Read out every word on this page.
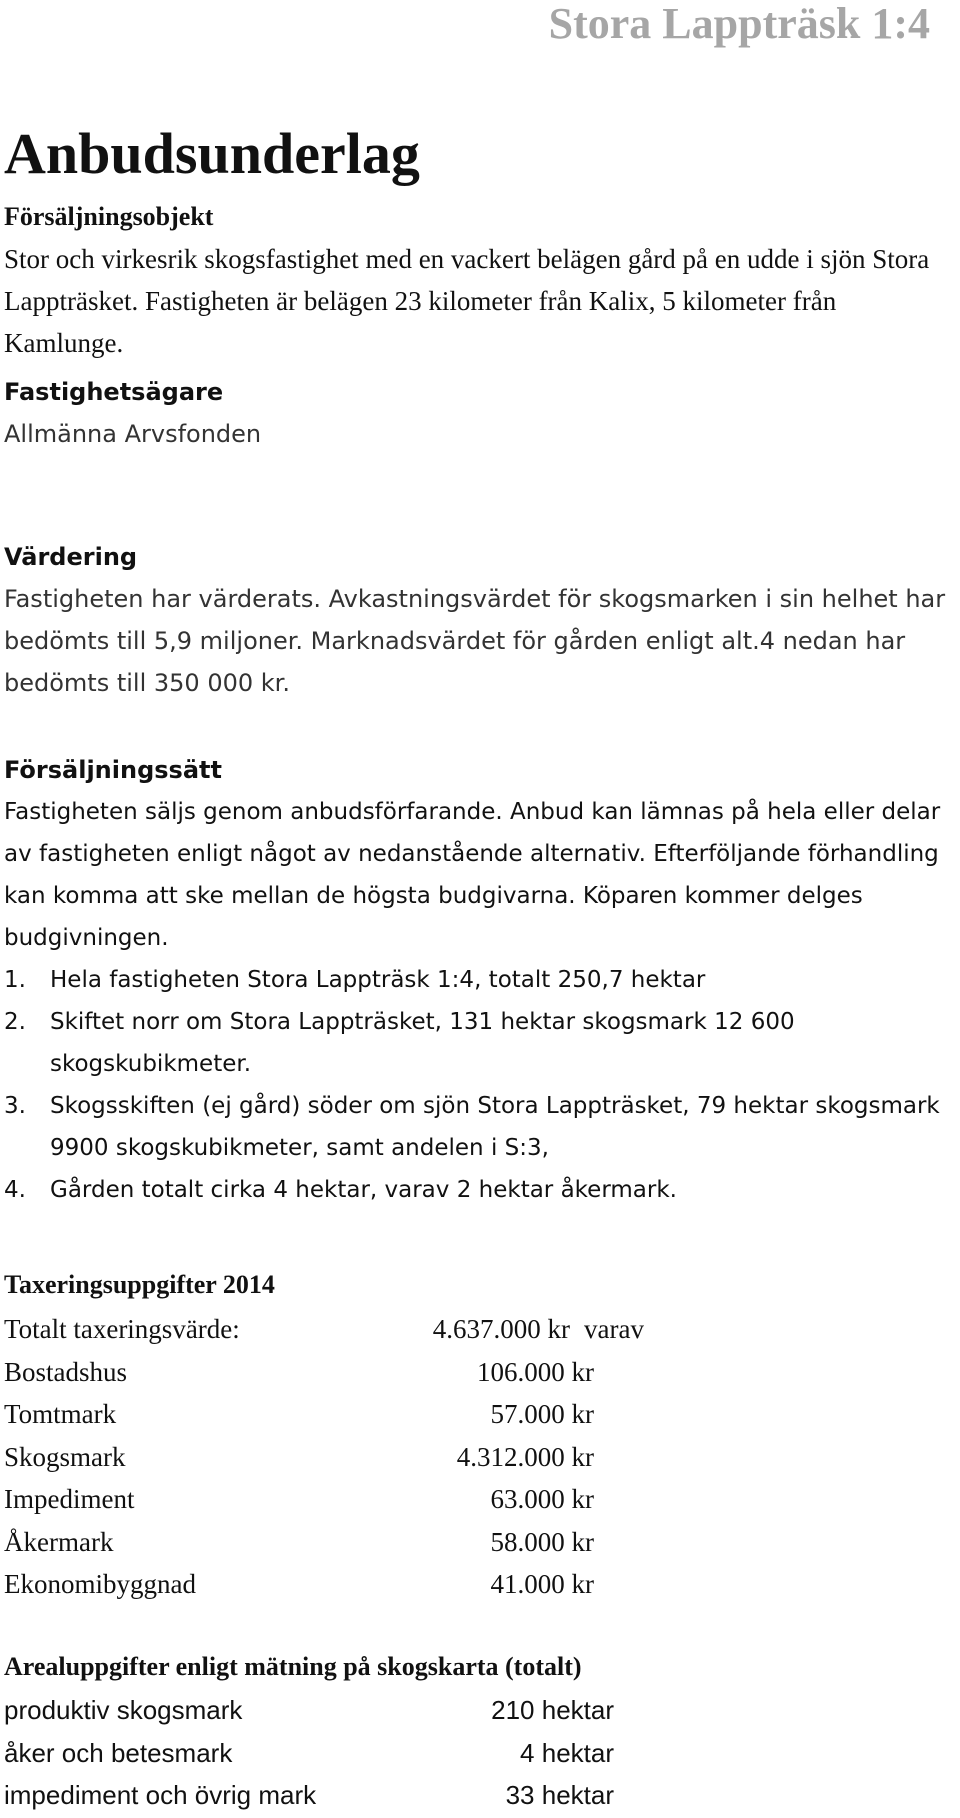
Stora Lappträsk 1:4
Anbudsunderlag
Försäljningsobjekt

Stor och virkesrik skogsfastighet med en vackert belägen gård på en udde i sjön Stora Lappträsket. Fastigheten är belägen 23 kilometer från Kalix, 5 kilometer från Kamlunge.

Fastighetsägare

Allmänna Arvsfonden

Värdering

Fastigheten har värderats. Avkastningsvärdet för skogsmarken i sin helhet har bedömts till 5,9 miljoner. Marknadsvärdet för gården enligt alt.4 nedan har bedömts till 350 000 kr.

Försäljningssätt

Fastigheten säljs genom anbudsförfarande. Anbud kan lämnas på hela eller delar av fastigheten enligt något av nedanstående alternativ. Efterföljande förhandling kan komma att ske mellan de högsta budgivarna. Köparen kommer delges budgivningen.

1.	Hela fastigheten Stora Lappträsk 1:4, totalt 250,7 hektar
2.	Skiftet norr om Stora Lappträsket, 131 hektar skogsmark 12 600 skogskubikmeter.
3.	Skogsskiften (ej gård) söder om sjön Stora Lappträsket, 79 hektar skogsmark 9900 skogskubikmeter, samt andelen i S:3,
4.	Gården totalt cirka 4 hektar, varav 2 hektar åkermark.
Taxeringsuppgifter 2014
Totalt taxeringsvärde:	4.637.000 kr varav
Bostadshus	106.000 kr
Tomtmark	57.000 kr
Skogsmark	4.312.000 kr
Impediment	63.000 kr
Åkermark	58.000 kr
Ekonomibyggnad	41.000 kr
Arealuppgifter enligt mätning på skogskarta (totalt)
produktiv skogsmark	210 hektar
åker och betesmark	4 hektar
impediment och övrig mark	33 hektar
